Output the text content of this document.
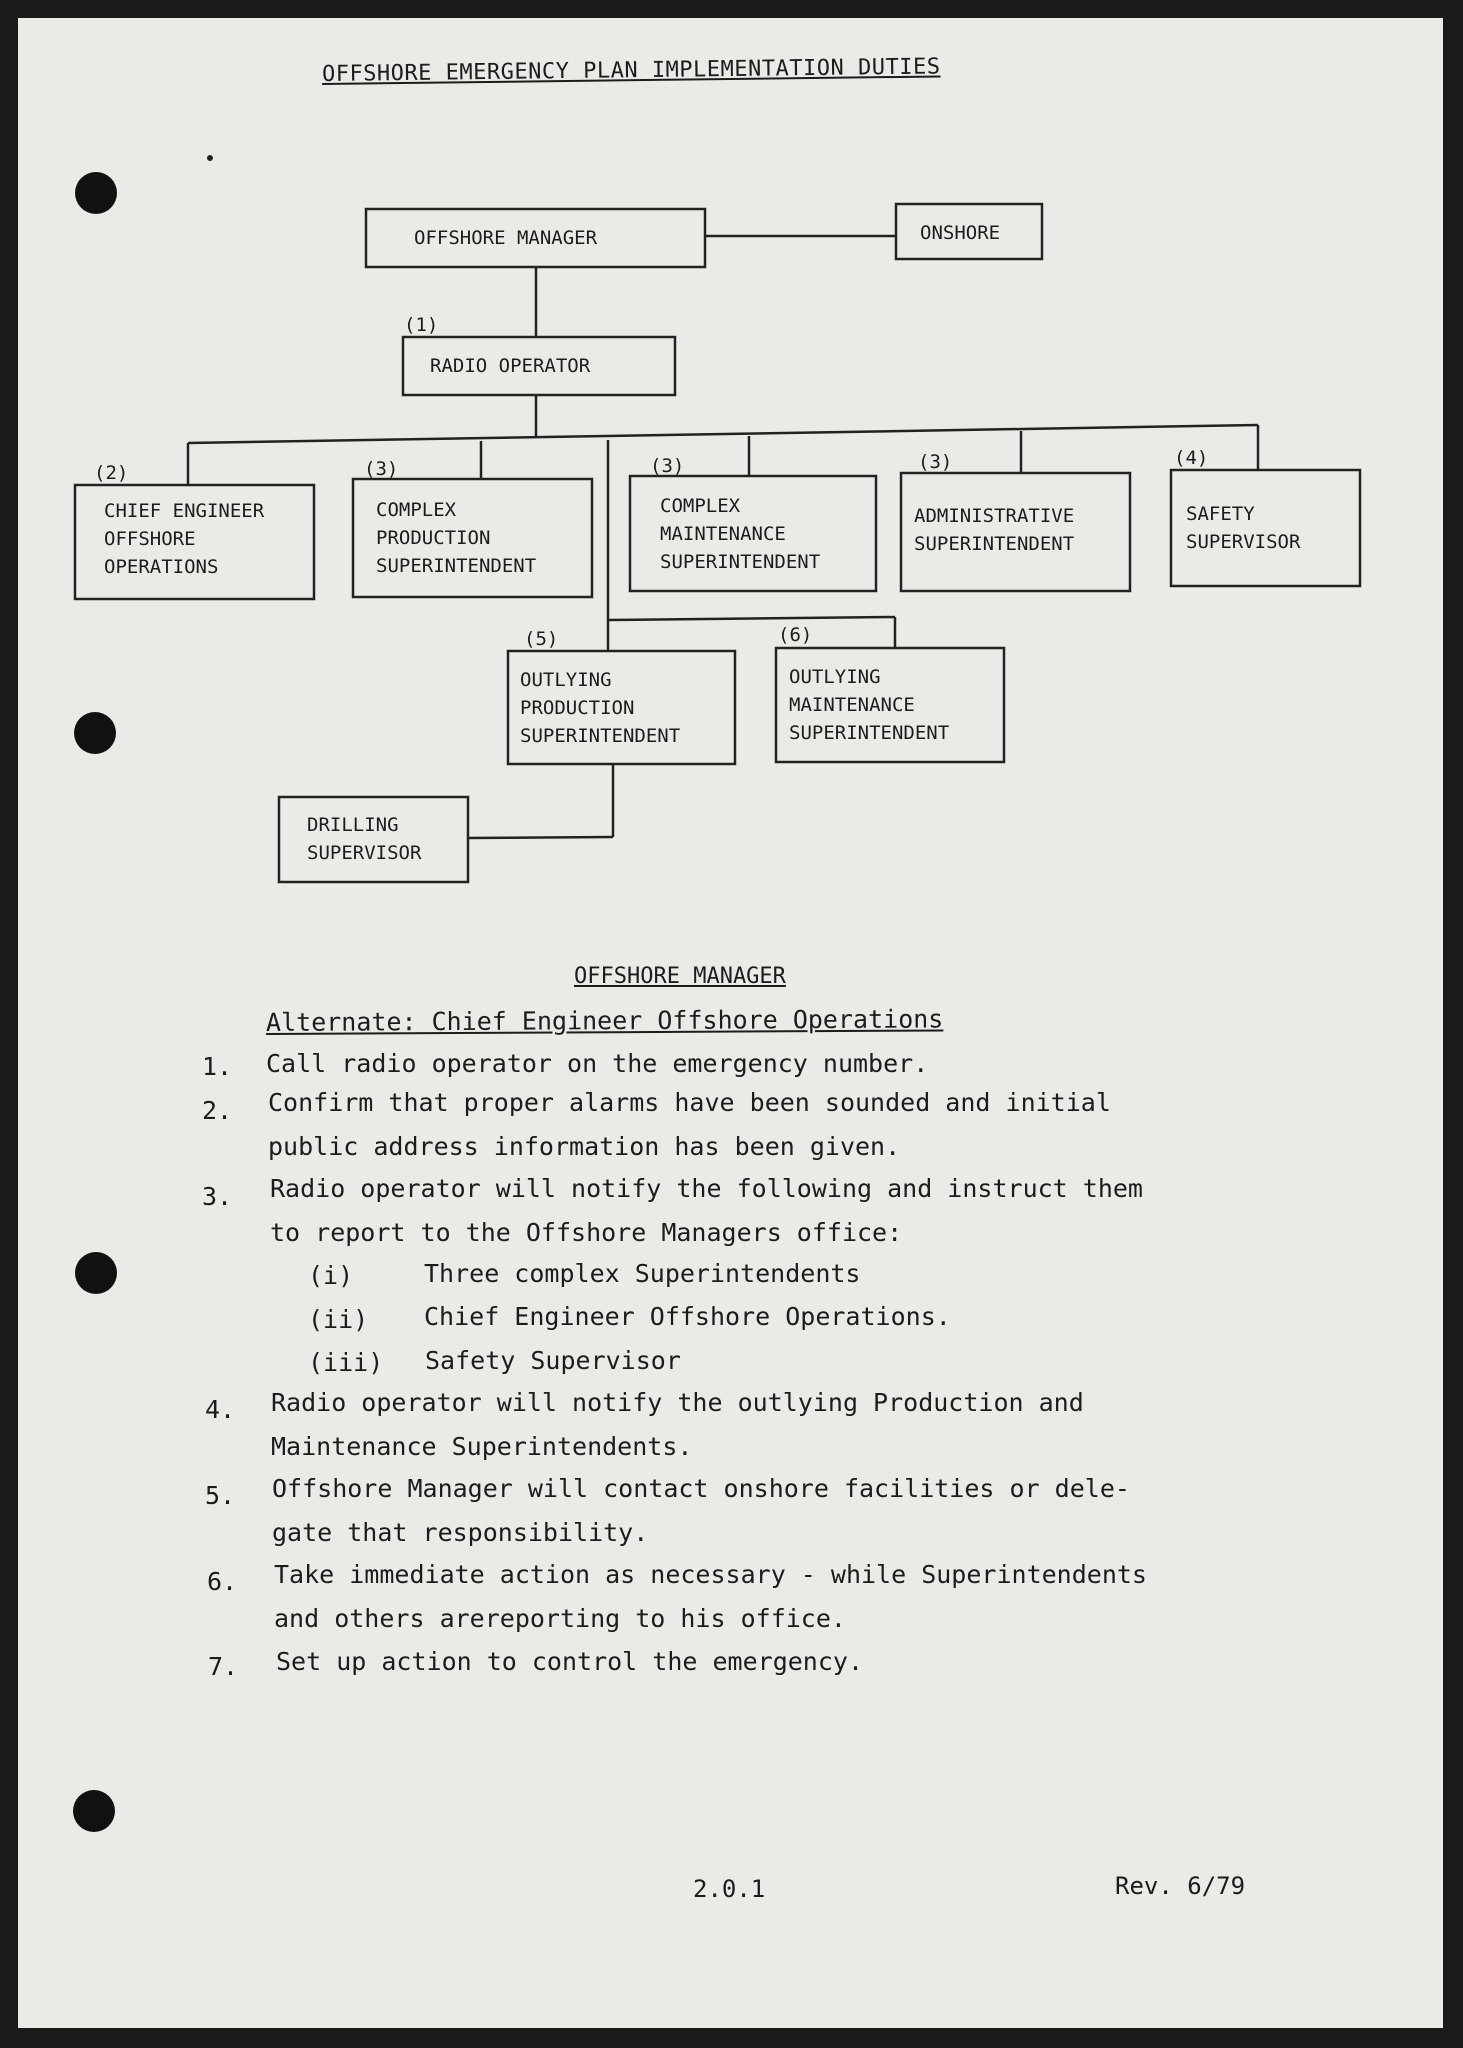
OFFSHORE EMERGENCY PLAN IMPLEMENTATION DUTIES
OFFSHORE MANAGER	ONSHORE
(1)
RADIO OPERATOR
(2)
CHIEF ENGINEER
OFFSHORE
OPERATIONS
(3)
COMPLEX
PRODUCTION
SUPERINTENDENT
(3)
COMPLEX
MAINTENANCE
SUPERINTENDENT
(3)
ADMINISTRATIVE
SUPERINTENDENT
(4)
SAFETY
SUPERVISOR
(5)
OUTLYING
PRODUCTION
SUPERINTENDENT
(6)
OUTLYING
MAINTENANCE
SUPERINTENDENT
DRILLING
SUPERVISOR
OFFSHORE MANAGER
Alternate: Chief Engineer Offshore Operations
1. Call radio operator on the emergency number.
2. Confirm that proper alarms have been sounded and initial
public address information has been given.
3. Radio operator will notify the following and instruct them
to report to the Offshore Managers office:
(i)	Three complex Superintendents
(ii) Chief Engineer Offshore Operations.
(iii) Safety Supervisor
4. Radio operator will notify the outlying Production and
Maintenance Superintendents.
5. Offshore Manager will contact onshore facilities or dele-
gate that responsibility.
6. Take immediate action as necessary - while Superintendents
and others arereporting to his office.
7. Set up action to control the emergency.
2.0.1	Rev. 6/79
